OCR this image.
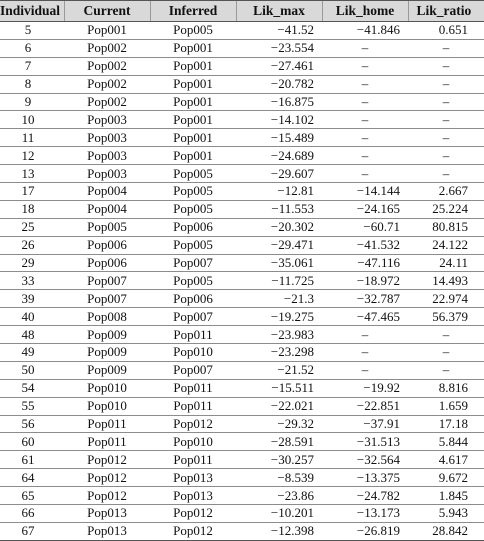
Individual	Current	Inferred	Lik_max	Lik_home	Lik_ratio
5	Pop001	Pop005	−41.52	−41.846	0.651
6	Pop002	Pop001	−23.554	–	–
7	Pop002	Pop001	−27.461	–	–
8	Pop002	Pop001	−20.782	–	–
9	Pop002	Pop001	−16.875	–	–
10	Pop003	Pop001	−14.102	–	–
11	Pop003	Pop001	−15.489	–	–
12	Pop003	Pop001	−24.689	–	–
13	Pop003	Pop005	−29.607	–	–
17	Pop004	Pop005	−12.81	−14.144	2.667
18	Pop004	Pop005	−11.553	−24.165	25.224
25	Pop005	Pop006	−20.302	−60.71	80.815
26	Pop006	Pop005	−29.471	−41.532	24.122
29	Pop006	Pop007	−35.061	−47.116	24.11
33	Pop007	Pop005	−11.725	−18.972	14.493
39	Pop007	Pop006	−21.3	−32.787	22.974
40	Pop008	Pop007	−19.275	−47.465	56.379
48	Pop009	Pop011	−23.983	–	–
49	Pop009	Pop010	−23.298	–	–
50	Pop009	Pop007	−21.52	–	–
54	Pop010	Pop011	−15.511	−19.92	8.816
55	Pop010	Pop011	−22.021	−22.851	1.659
56	Pop011	Pop012	−29.32	−37.91	17.18
60	Pop011	Pop010	−28.591	−31.513	5.844
61	Pop012	Pop011	−30.257	−32.564	4.617
64	Pop012	Pop013	−8.539	−13.375	9.672
65	Pop012	Pop013	−23.86	−24.782	1.845
66	Pop013	Pop012	−10.201	−13.173	5.943
67	Pop013	Pop012	−12.398	−26.819	28.842
